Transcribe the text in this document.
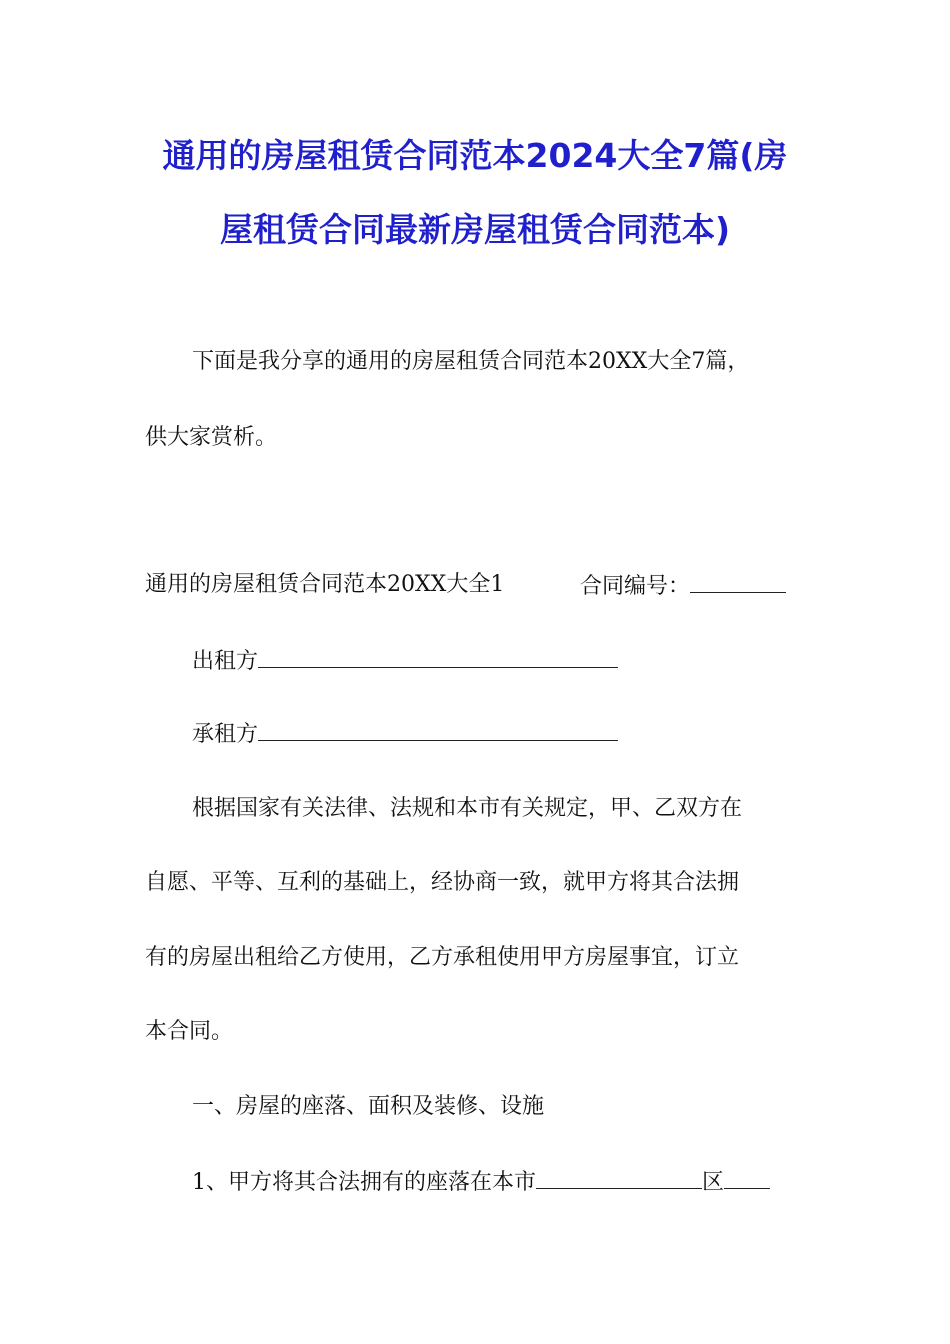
通用的房屋租赁合同范本2024大全7篇(房
屋租赁合同最新房屋租赁合同范本)
下面是我分享的通用的房屋租赁合同范本20XX大全7篇，
供大家赏析。
通用的房屋租赁合同范本20XX大全1	合同编号：
出租方
承租方
根据国家有关法律、法规和本市有关规定，甲、乙双方在
自愿、平等、互利的基础上，经协商一致，就甲方将其合法拥
有的房屋出租给乙方使用，乙方承租使用甲方房屋事宜，订立
本合同。
一、房屋的座落、面积及装修、设施
1、甲方将其合法拥有的座落在本市	区
